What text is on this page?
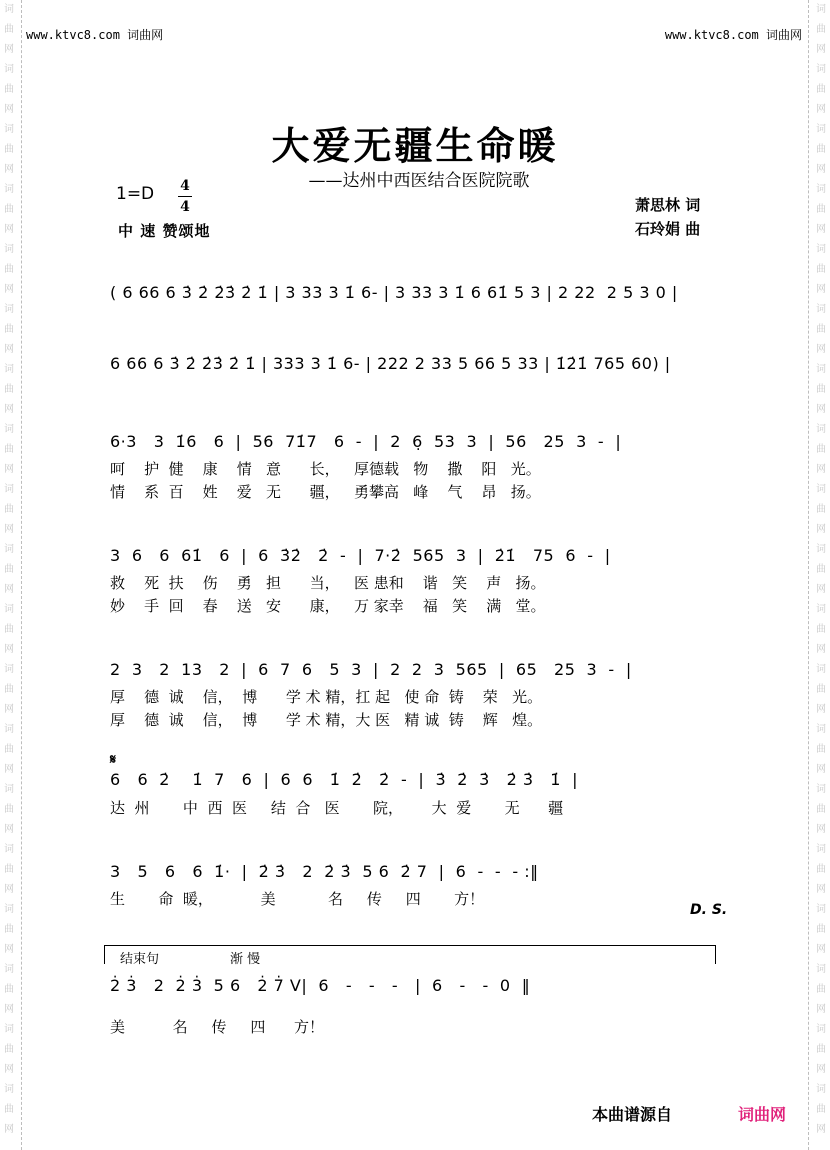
词
曲
网
词
曲
网
词
曲
网
词
曲
网
词
曲
网
词
曲
网
词
曲
网
词
曲
网
词
曲
网
词
曲
网
词
曲
网
词
曲
网
词
曲
网
词
曲
网
词
曲
网
词
曲
网
词
曲
网
词
曲
网
词
曲
网
词
曲
网
词
曲
网
词
曲
网
词
曲
网
词
曲
网
词
曲
网
词
曲
网
词
曲
网
词
曲
网
词
曲
网
词
曲
网
词
曲
网
词
曲
网
词
曲
网
词
曲
网
词
曲
网
词
曲
网
词
曲
网
词
曲
网
www.ktvc8.com 词曲网	www.ktvc8.com 词曲网
大爱无疆生命暖
——达州中西医结合医院院歌
1=D 4
4
中 速 赞颂地
萧思林 词
石玲娟 曲
( 6 66 6 3̇ 2̇ 2̇3̇ 2̇ 1̇ | 3 33 3 1̇ 6- | 3 33 3 1̇ 6 61̇ 5 3 | 2 22  2 5 3 0 |
6 66 6 3̇ 2̇ 2̇3̇ 2̇ 1̇ | 333 3 1̇ 6- | 222 2 33 5 66 5 33 | 1̇2̇1̇ 765 60) |
6·3   3  1̇6   6  |  56  71̇7   6  -  |  2  6̣  53  3  |  56   25  3  -  |
呵    护  健    康    情   意      长，   厚德载   物    撒    阳   光。
情    系  百    姓    爱   无      疆，   勇攀高   峰    气    昂   扬。
3  6   6  61̇   6  |  6  3̇2̇   2̇  -  |  7·2̇  565  3  |  2̇1̇   75  6  -  |
救    死  扶    伤    勇   担      当，   医 患和    谐   笑    声   扬。
妙    手  回    春    送   安      康，   万 家幸    福   笑    满   堂。
2  3   2  13   2  |  6  7  6   5  3  |  2  2  3  565  |  65   25  3  -  |
厚    德  诚    信，  博      学 术 精，扛 起   使 命  铸    荣   光。
厚    德  诚    信，  博      学 术 精，大 医   精 诚  铸    辉   煌。
𝄋
6   6  2̇    1̇  7   6  |  6  6   1̇  2̇   2̇  -  |  3̇  2̇  3̇   2̇ 3̇   1̇  |
达  州       中  西  医     结  合   医       院，      大  爱       无      疆
3   5   6   6  1̇·  |  2̇ 3̇   2  2̇ 3̇  5 6  2̇ 7  |  6  -  -  - :‖
生       命  暖，          美           名     传     四       方！
D. S.
结束句	渐 慢
2̇ 3̇   2  2̇ 3̇  5 6   2̇ 7̇ V|  6   -   -   -   |  6   -   -  0  ‖
美          名     传     四      方！
本曲谱源自	词曲网
